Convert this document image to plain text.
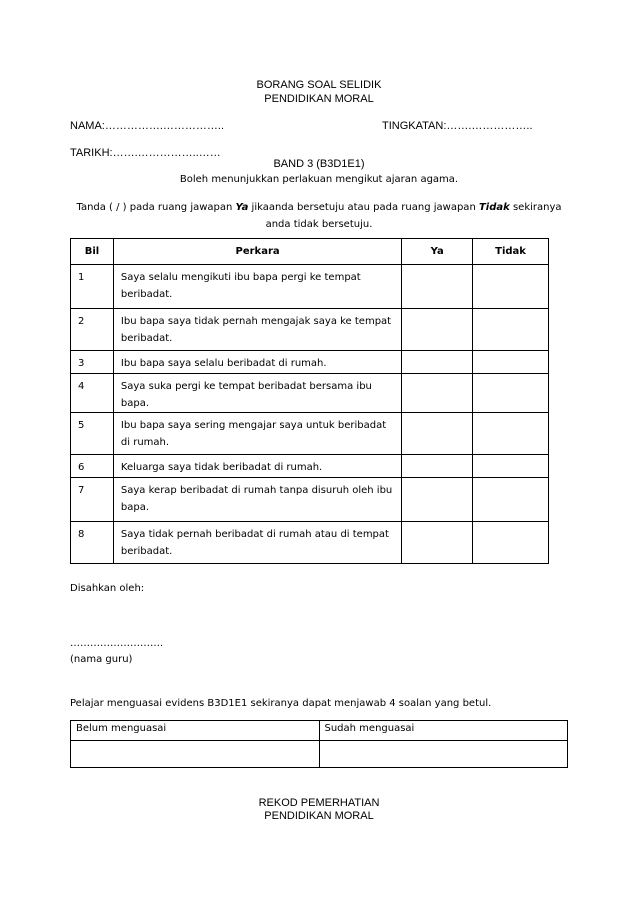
BORANG SOAL SELIDIK
PENDIDIKAN MORAL
NAMA:…………….……………..	TINGKATAN:…….……………..
TARIKH:…….……………..……
BAND 3 (B3D1E1)
Boleh menunjukkan perlakuan mengikut ajaran agama.
Tanda ( / ) pada ruang jawapan Ya jikaanda bersetuju atau pada ruang jawapan Tidak sekiranya
anda tidak bersetuju.
Bil	Perkara	Ya	Tidak
1	Saya selalu mengikuti ibu bapa pergi ke tempat beribadat.		
2	Ibu bapa saya tidak pernah mengajak saya ke tempat beribadat.		
3	Ibu bapa saya selalu beribadat di rumah.		
4	Saya suka pergi ke tempat beribadat bersama ibu bapa.		
5	Ibu bapa saya sering mengajar saya untuk beribadat di rumah.		
6	Keluarga saya tidak beribadat di rumah.		
7	Saya kerap beribadat di rumah tanpa disuruh oleh ibu bapa.		
8	Saya tidak pernah beribadat di rumah atau di tempat beribadat.		
Disahkan oleh:
……………………….
(nama guru)
Pelajar menguasai evidens B3D1E1 sekiranya dapat menjawab 4 soalan yang betul.
Belum menguasai	Sudah menguasai

REKOD PEMERHATIAN
PENDIDIKAN MORAL
